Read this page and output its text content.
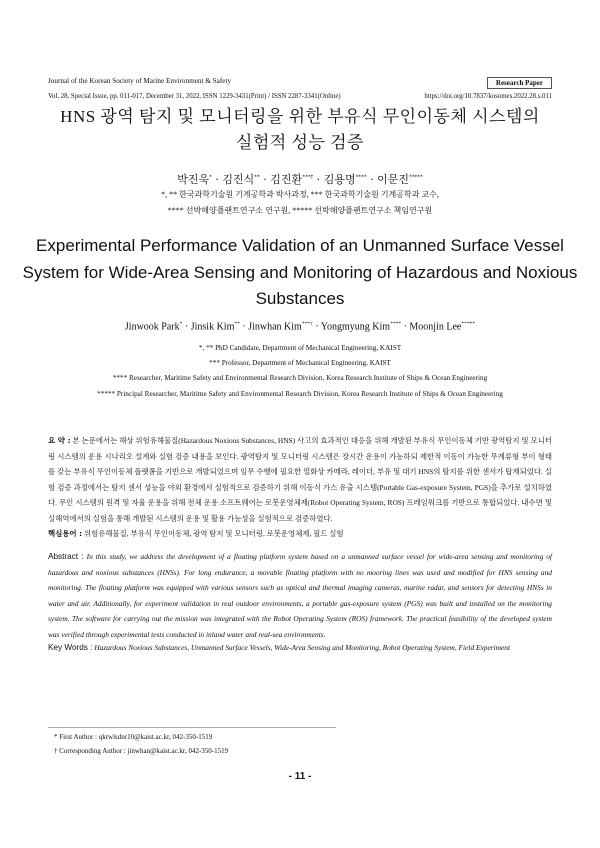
Journal of the Korean Society of Marine Environment & Safety	Research Paper
Vol. 28, Special Issue, pp. 011-017, December 31, 2022, ISSN 1229-3431(Print) / ISSN 2287-3341(Online)	https://doi.org/10.7837/kosomes.2022.28.s.011
HNS 광역 탐지 및 모니터링을 위한 부유식 무인이동체 시스템의
실험적 성능 검증
박진욱* · 김진식** · 김진환***† · 김용명**** · 이문진*****
*, ** 한국과학기술원 기계공학과 박사과정, *** 한국과학기술원 기계공학과 교수,
**** 선박해양플랜트연구소 연구원, ***** 선박해양플랜트연구소 책임연구원
Experimental Performance Validation of an Unmanned Surface Vessel
System for Wide-Area Sensing and Monitoring of Hazardous and Noxious
Substances
Jinwook Park* · Jinsik Kim** · Jinwhan Kim***† · Yongmyung Kim**** · Moonjin Lee*****
*, ** PhD Candidate, Department of Mechanical Engineering, KAIST
*** Professor, Department of Mechanical Engineering, KAIST
**** Researcher, Maritime Safety and Environmental Research Division, Korea Research Institute of Ships & Ocean Engineering
***** Principal Researcher, Maritime Safety and Environmental Research Division, Korea Research Institute of Ships & Ocean Engineering
요 약 : 본 논문에서는 해상 위험유해물질(Hazardous Noxious Substances, HNS) 사고의 효과적인 대응을 위해 개발된 부유식 무인이동체 기반 광역탐지 및 모니터링 시스템의 운용 시나리오 설계와 실험 검증 내용을 보인다. 광역탐지 및 모니터링 시스템은 장시간 운용이 가능하되 제한적 이동이 가능한 무계류형 부이 형태를 갖는 부유식 무인이동체 플랫폼을 기반으로 개발되었으며 임무 수행에 필요한 열화상 카메라, 레이더, 부유 및 대기 HNS의 탐지를 위한 센서가 탑재되었다. 실험 검증 과정에서는 탐지 센서 성능을 야외 환경에서 실험적으로 검증하기 위해 이동식 가스 유출 시스템(Portable Gas-exposure System, PGS)을 추가로 설치하였다. 무인 시스템의 원격 및 자율 운용을 위해 전체 운용 소프트웨어는 로봇운영체제(Robot Operating System, ROS) 프레임워크를 기반으로 통합되었다. 내수면 및 실해역에서의 실험을 통해 개발된 시스템의 운용 및 활용 가능성을 실험적으로 검증하였다.
핵심용어 : 위험유해물질, 부유식 무인이동체, 광역 탐지 및 모니터링, 로봇운영체제, 필드 실험
Abstract : In this study, we address the development of a floating platform system based on a unmanned surface vessel for wide-area sensing and monitoring of hazardous and noxious substances (HNSs). For long endurance, a movable floating platform with no mooring lines was used and modified for HNS sensing and monitoring. The floating platform was equipped with various sensors such as optical and thermal imaging cameras, marine radar, and sensors for detecting HNSs in water and air. Additionally, for experiment validation in real outdoor environments, a portable gas-exposure system (PGS) was built and installed on the monitoring system. The software for carrying out the mission was integrated with the Robot Operating System (ROS) framework. The practical feasibility of the developed system was verified through experimental tests conducted in inland water and real-sea environments.
Key Words : Hazardous Noxious Substances, Unmanned Surface Vessels, Wide-Area Sensing and Monitoring, Robot Operating System, Field Experiment
* First Author : qkrwlsdnr10@kaist.ac.kr, 042-350-1519
† Corresponding Author : jinwhan@kaist.ac.kr, 042-350-1519
- 11 -
